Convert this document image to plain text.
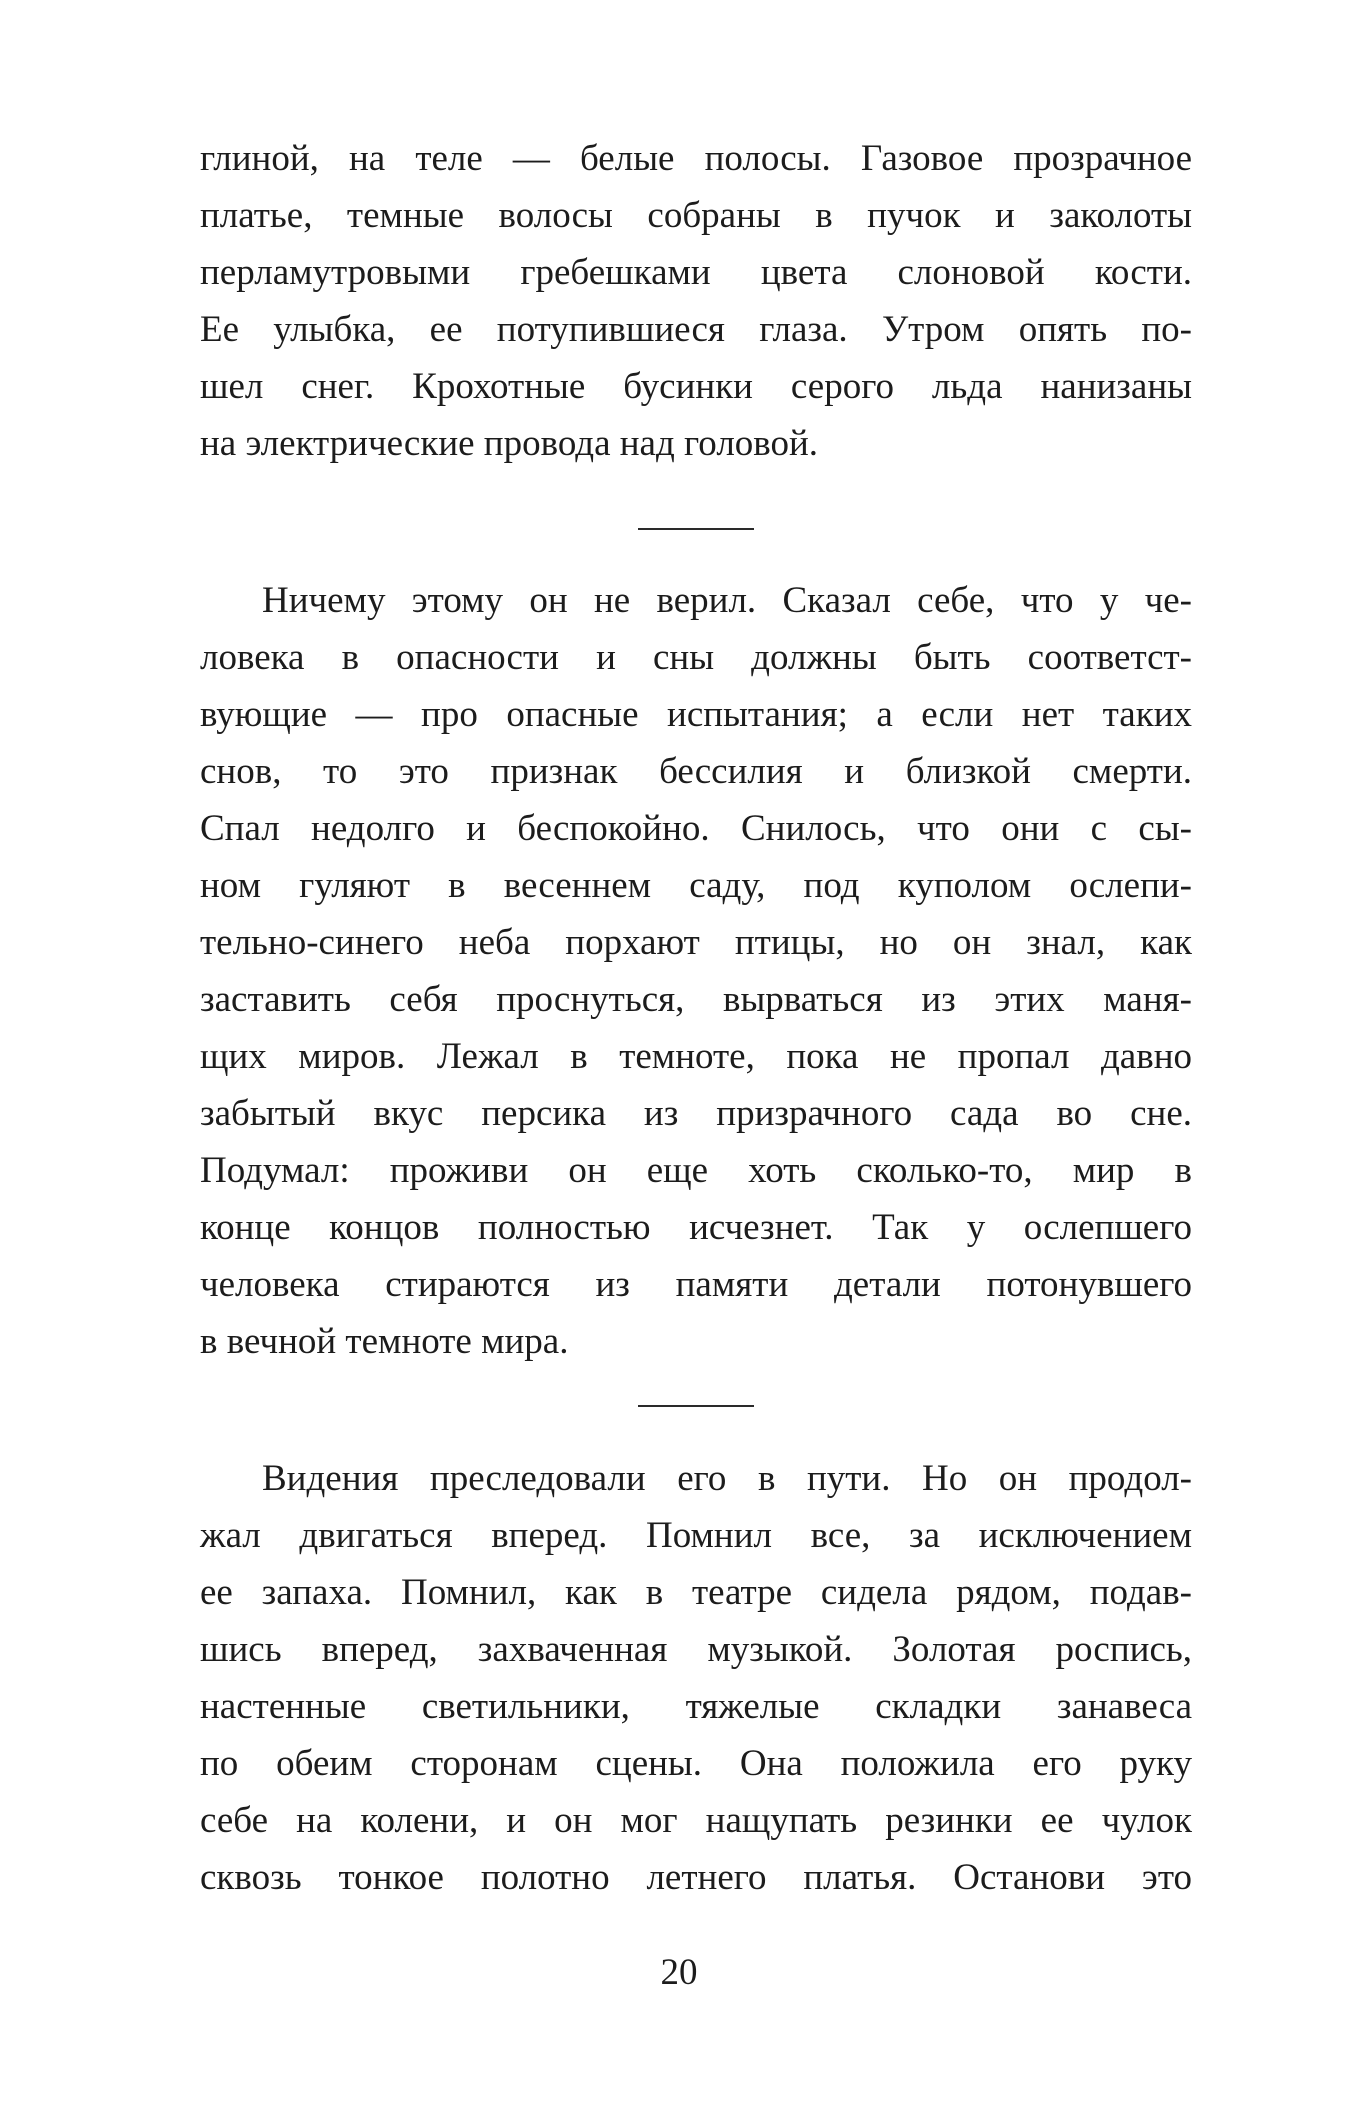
глиной, на теле — белые полосы. Газовое прозрачное
платье, темные волосы собраны в пучок и заколоты
перламутровыми гребешками цвета слоновой кости.
Ее улыбка, ее потупившиеся глаза. Утром опять по-
шел снег. Крохотные бусинки серого льда нанизаны
на электрические провода над головой.
Ничему этому он не верил. Сказал себе, что у че-
ловека в опасности и сны должны быть соответст-
вующие — про опасные испытания; а если нет таких
снов, то это признак бессилия и близкой смерти.
Спал недолго и беспокойно. Снилось, что они с сы-
ном гуляют в весеннем саду, под куполом ослепи-
тельно-синего неба порхают птицы, но он знал, как
заставить себя проснуться, вырваться из этих маня-
щих миров. Лежал в темноте, пока не пропал давно
забытый вкус персика из призрачного сада во сне.
Подумал: проживи он еще хоть сколько-то, мир в
конце концов полностью исчезнет. Так у ослепшего
человека стираются из памяти детали потонувшего
в вечной темноте мира.
Видения преследовали его в пути. Но он продол-
жал двигаться вперед. Помнил все, за исключением
ее запаха. Помнил, как в театре сидела рядом, подав-
шись вперед, захваченная музыкой. Золотая роспись,
настенные светильники, тяжелые складки занавеса
по обеим сторонам сцены. Она положила его руку
себе на колени, и он мог нащупать резинки ее чулок
сквозь тонкое полотно летнего платья. Останови это
20
